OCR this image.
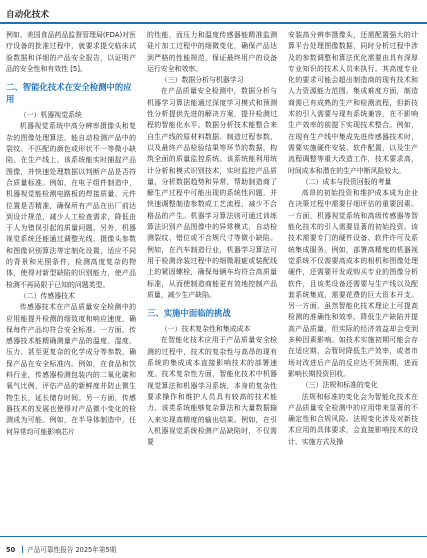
自动化技术

例如，美国食品药品监督管理局(FDA)对医疗设备的批准过程中，就要求提交临床试验数据和详细的产品安全报告，以证明产品的安全性和有效性 [5]。

二、智能化技术在安全检测中的应用

（一）机器视觉系统

机器视觉系统中高分辨率摄像头和复杂的图像处理算法，能自动检测产品中的裂纹、不匹配的颜色或形状不一等微小缺陷。在生产线上，该系统能实时捕捉产品图像，并快速处理数据以判断产品是否符合质量标准。例如，在电子组件制造中，机器视觉能检测电路板的焊接质量、元件位置是否精准，确保所有产品在出厂前达到设计规范，减少人工检查需求，降低由于人为错误引起的质量问题。另外，机器视觉系统还能通过调整光线、摄像头参数和图像识别算法等定制化设置，适应不同的背景和光照条件，检测高度复杂的物体，使得对新型缺陷的识别能力，使产品检测不再局限于已知的问题类型。

（二）传感器技术

传感器技术在产品质量安全检测中的应用能提升检测的细致度和响应速度，确保每件产品均符合安全标准。一方面，传感器技术能精确测量产品的温度、湿度、压力、甚至更复杂的化学成分等参数，确保产品在安全标准内。例如，在食品和饮料行业，传感器检测包装内的二氧化碳和氧气比例，评估产品的新鲜度并防止微生物生长，延长储存时间。另一方面，传感器技术的发展也使得对产品微小变化的检测成为可能。例如，在半导体制造中，任何异常均可能影响芯片

的性能，而压力和温度传感器能精准监测硅片加工过程中的细微变化，确保产品达到严格的性能规范，保证最终用户的设备运行安全和效率。

（三）数据分析与机器学习

在产品质量安全检测中，数据分析与机器学习算法能通过深度学习模式和预测性分析提供先进的解决方案，提升检测过程的智能化水平。数据分析技术能整合来自生产线的原材料数据、制造过程参数、以及最终产品检验结果等环节的数据，构筑全面的质量监控系统。该系统能利用统计分析和模式识别技术，实时监控产品质量，分析数据趋势和异常，帮助制造商了解生产过程中可能出现的系统性问题，并快速调整制造参数或工艺流程，减少不合格品的产生。机器学习算法则可通过训练算法识别产品图像中的异常模式，自动检测裂纹、错位或不合规尺寸等微小缺陷。例如，在汽车制造行业，机器学习算法可用于检测涂装过程中的细微瑕疵或装配线上的紧固螺栓，确保每辆车均符合高质量标准，从而使制造商能更有效地控制产品质量，减少生产缺陷。

三、实施中面临的挑战

（一）技术复杂性和集成成本

在智能化技术应用于产品质量安全检测的过程中，技术的复杂性与高昂的现有系统的集成成本直接影响技术的部署速度。技术复杂性方面，智能化技术中机器视觉算法和机器学习系统，本身的复杂性要求操作和维护人员具有较高的技术能力。该类系统能够复杂算法和大量数据输入来实现高精度的输出结果。例如，在引入机器视觉系统检测产品缺陷时，不仅需要

安装高分辨率摄像头，还需配置强大的计算平台处理图像数据，同时分析过程中涉及的参数调整和算法优化需要由具有深厚专业知识的技术人员来执行。其高度专业化的要求可能会超出制造商的现有技术和人力资源能力范围。集成难度方面，制造商需已有成熟的生产和检测流程，但新技术的引入需要与现有系统兼容，在不影响生产效率的前提下实现技术整合。例如，在现有生产线中集成先进传感器技术时，需要实施硬件安装、软件配置，以及生产流程调整等重大改造工作，技术要求高，时间成本和潜在的生产中断风险较大。

（二）成本与投资回报的考量

高昂的初始投资和维护成本成为企业在决策过程中需要仔细评估的重要因素。一方面，机器视觉系统和高级传感器等智能化技术的引入需要显著的初始投资。该技术需要专门的硬件设备、软件许可及系统集成服务。例如，部署高精度的机器视觉系统不仅需要高成本的相机和图像处理硬件，还需要开发或购买专业的图像分析软件，且该类设备还需要与生产线以及配套系统集成，需要花费的巨大资本开支。另一方面，虽然智能化技术理论上可提高检测的准确性和效率、降低生产缺陷并提高产品质量，但实际的经济效益却会受到多种因素影响。如技术实施初期可能会存在适应期，会暂时降低生产效率，或者市场对改进后产品的反应达不到预期，进而影响长期投资回收。

（三）法规和标准的变化

法规和标准的变化会为智能化技术在产品质量安全检测中的应用带来显著的不确定性和合规风险。法规变化涉及对新技术应用的具体要求，会直接影响技术的设计、实施方式及操

50 产品可靠性报告 2025年第5期
